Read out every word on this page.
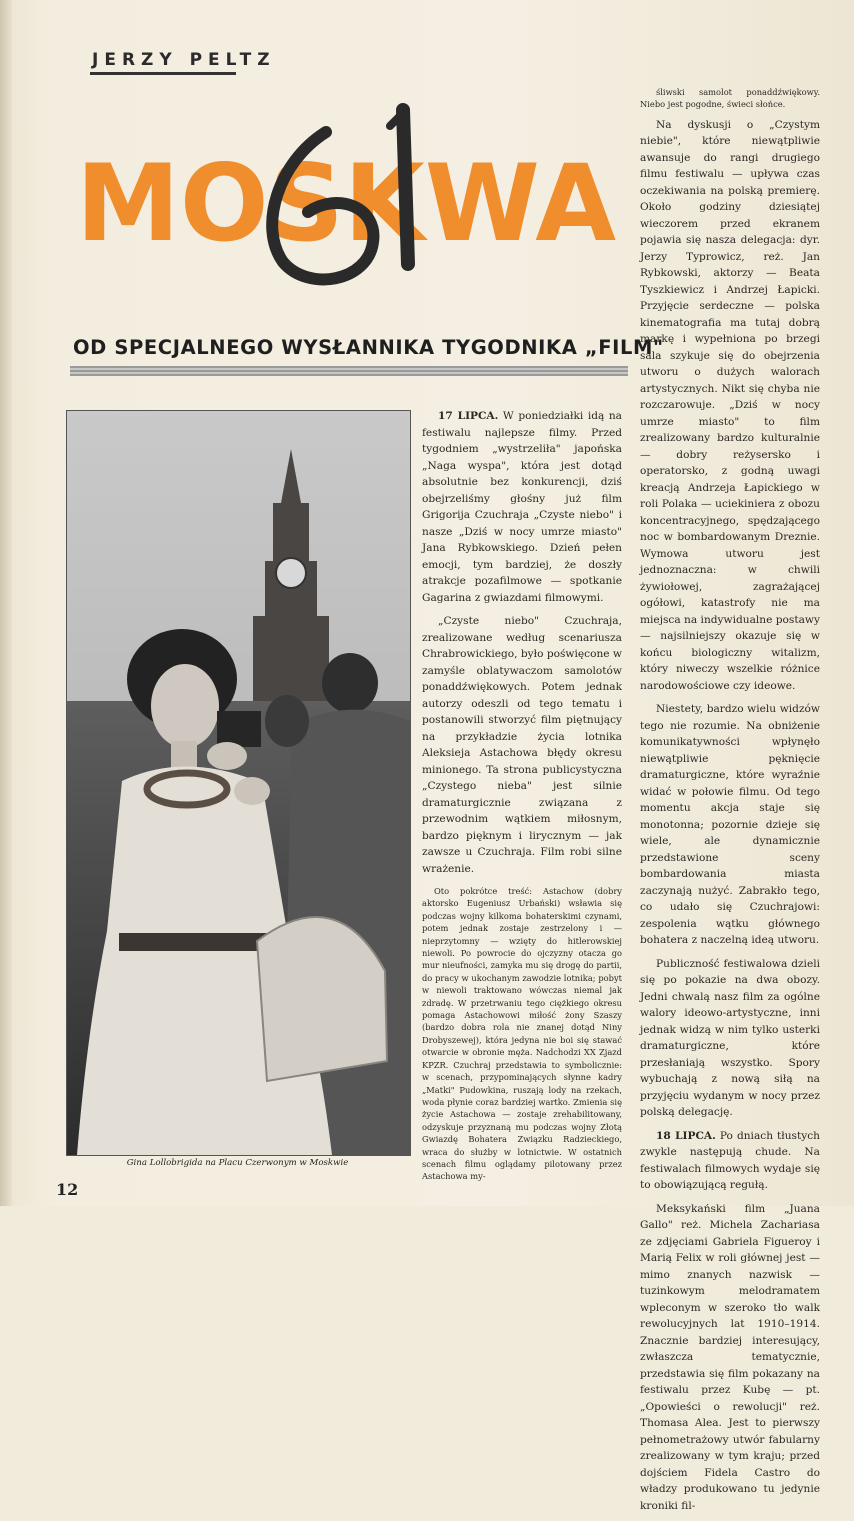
JERZY PELTZ
MOSKWA
OD SPECJALNEGO WYSŁANNIKA TYGODNIKA „FILM"
Gina Lollobrigida na Placu Czerwonym w Moskwie
12

17 LIPCA. W poniedziałki idą na festiwalu najlepsze filmy. Przed tygodniem „wystrzeliła" japońska „Naga wyspa", która jest dotąd absolutnie bez konkurencji, dziś obejrzeliśmy głośny już film Grigorija Czuchraja „Czyste niebo" i nasze „Dziś w nocy umrze miasto" Jana Rybkowskiego. Dzień pełen emocji, tym bardziej, że doszły atrakcje pozafilmowe — spotkanie Gagarina z gwiazdami filmowymi.

„Czyste niebo" Czuchraja, zrealizowane według scenariusza Chrabrowickiego, było poświęcone w zamyśle oblatywaczom samolotów ponaddźwiękowych. Potem jednak autorzy odeszli od tego tematu i postanowili stworzyć film piętnujący na przykładzie życia lotnika Aleksieja Astachowa błędy okresu minionego. Ta strona publicystyczna „Czystego nieba" jest silnie dramaturgicznie związana z przewodnim wątkiem miłosnym, bardzo pięknym i lirycznym — jak zawsze u Czuchraja. Film robi silne wrażenie.

Oto pokrótce treść: Astachow (dobry aktorsko Eugeniusz Urbański) wsławia się podczas wojny kilkoma bohaterskimi czynami, potem jednak zostaje zestrzelony i — nieprzytomny — wzięty do hitlerowskiej niewoli. Po powrocie do ojczyzny otacza go mur nieufności, zamyka mu się drogę do partii, do pracy w ukochanym zawodzie lotnika; pobyt w niewoli traktowano wówczas niemal jak zdradę. W przetrwaniu tego ciężkiego okresu pomaga Astachowowi miłość żony Szaszy (bardzo dobra rola nie znanej dotąd Niny Drobyszewej), która jedyna nie boi się stawać otwarcie w obronie męża. Nadchodzi XX Zjazd KPZR. Czuchraj przedstawia to symbolicznie: w scenach, przypominających słynne kadry „Matki" Pudowkina, ruszają lody na rzekach, woda płynie coraz bardziej wartko. Zmienia się życie Astachowa — zostaje zrehabilitowany, odzyskuje przyznaną mu podczas wojny Złotą Gwiazdę Bohatera Związku Radzieckiego, wraca do służby w lotnictwie. W ostatnich scenach filmu oglądamy pilotowany przez Astachowa my-

śliwski samolot ponaddźwiękowy. Niebo jest pogodne, świeci słońce.

Na dyskusji o „Czystym niebie", które niewątpliwie awansuje do rangi drugiego filmu festiwalu — upływa czas oczekiwania na polską premierę. Około godziny dziesiątej wieczorem przed ekranem pojawia się nasza delegacja: dyr. Jerzy Typrowicz, reż. Jan Rybkowski, aktorzy — Beata Tyszkiewicz i Andrzej Łapicki. Przyjęcie serdeczne — polska kinematografia ma tutaj dobrą markę i wypełniona po brzegi sala szykuje się do obejrzenia utworu o dużych walorach artystycznych. Nikt się chyba nie rozczarowuje. „Dziś w nocy umrze miasto" to film zrealizowany bardzo kulturalnie — dobry reżysersko i operatorsko, z godną uwagi kreacją Andrzeja Łapickiego w roli Polaka — uciekiniera z obozu koncentracyjnego, spędzającego noc w bombardowanym Dreznie. Wymowa utworu jest jednoznaczna: w chwili żywiołowej, zagrażającej ogółowi, katastrofy nie ma miejsca na indywidualne postawy — najsilniejszy okazuje się w końcu biologiczny witalizm, który niweczy wszelkie różnice narodowościowe czy ideowe.

Niestety, bardzo wielu widzów tego nie rozumie. Na obniżenie komunikatywności wpłynęło niewątpliwie pęknięcie dramaturgiczne, które wyraźnie widać w połowie filmu. Od tego momentu akcja staje się monotonna; pozornie dzieje się wiele, ale dynamicznie przedstawione sceny bombardowania miasta zaczynają nużyć. Zabrakło tego, co udało się Czuchrajowi: zespolenia wątku głównego bohatera z naczelną ideą utworu.

Publiczność festiwalowa dzieli się po pokazie na dwa obozy. Jedni chwalą nasz film za ogólne walory ideowo-artystyczne, inni jednak widzą w nim tylko usterki dramaturgiczne, które przesłaniają wszystko. Spory wybuchają z nową siłą na przyjęciu wydanym w nocy przez polską delegację.

18 LIPCA. Po dniach tłustych zwykle następują chude. Na festiwalach filmowych wydaje się to obowiązującą regułą.

Meksykański film „Juana Gallo" reż. Michela Zachariasa ze zdjęciami Gabriela Figueroy i Marią Felix w roli głównej jest — mimo znanych nazwisk — tuzinkowym melodramatem wpleconym w szeroko tło walk rewolucyjnych lat 1910–1914. Znacznie bardziej interesujący, zwłaszcza tematycznie, przedstawia się film pokazany na festiwalu przez Kubę — pt. „Opowieści o rewolucji" reż. Thomasa Alea. Jest to pierwszy pełnometrażowy utwór fabularny zrealizowany w tym kraju; przed dojściem Fidela Castro do władzy produkowano tu jedynie kroniki fil-
